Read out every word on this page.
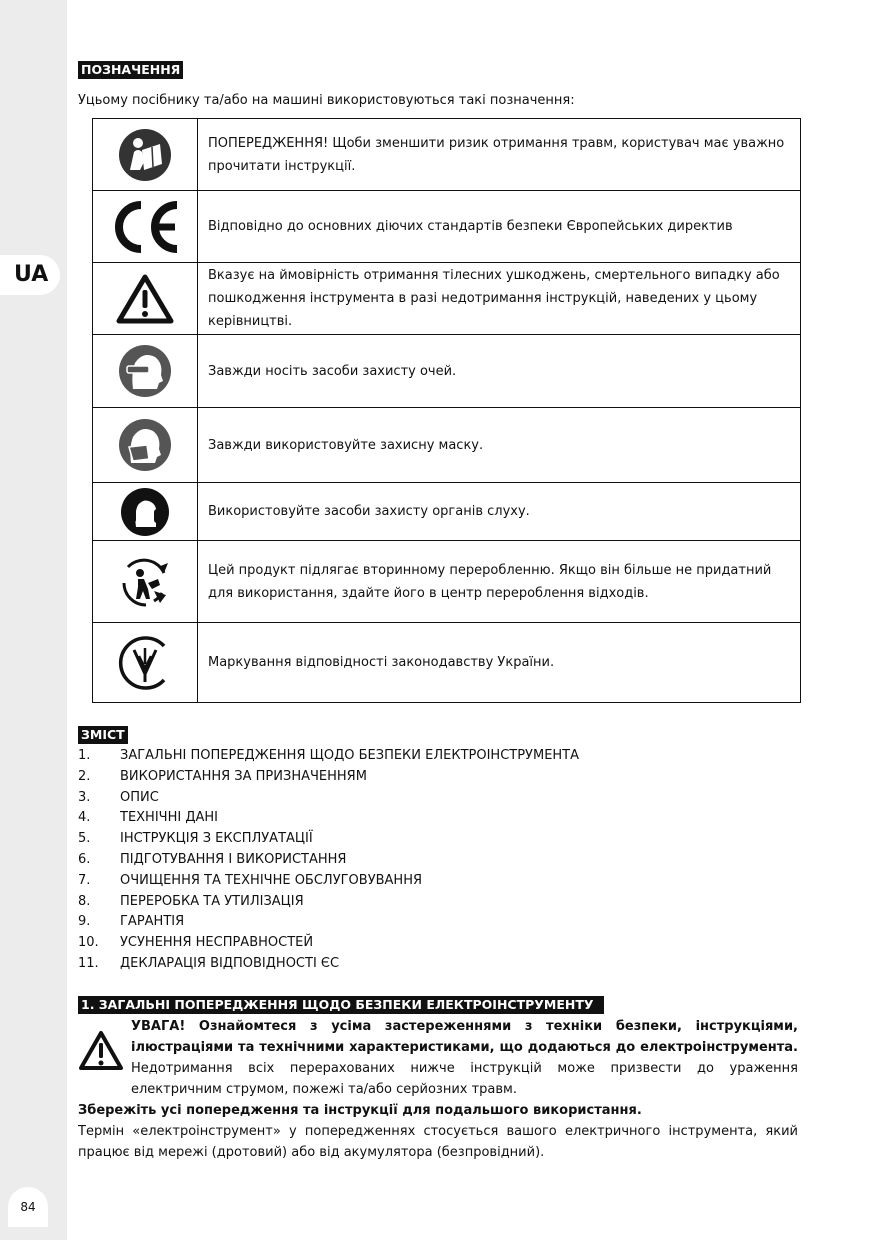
UA
84
ПОЗНАЧЕННЯ
Уцьому посібнику та/або на машині використовуються такі позначення:
	ПОПЕРЕДЖЕННЯ! Щоби зменшити ризик отримання травм, користувач має уважно прочитати інструкції.

	Відповідно до основних діючих стандартів безпеки Європейських директив

	Вказує на ймовірність отримання тілесних ушкоджень, смертельного випадку або пошкодження інструмента в разі недотримання інструкцій, наведених у цьому керівництві.

	Завжди носіть засоби захисту очей.

	Завжди використовуйте захисну маску.

	Використовуйте засоби захисту органів слуху.

	Цей продукт підлягає вторинному переробленню. Якщо він більше не придатний для використання, здайте його в центр перероблення відходів.

	Маркування відповідності законодавству України.
ЗМІСТ
1. ЗАГАЛЬНІ ПОПЕРЕДЖЕННЯ ЩОДО БЕЗПЕКИ ЕЛЕКТРОІНСТРУМЕНТА
2. ВИКОРИСТАННЯ ЗА ПРИЗНАЧЕННЯМ
3. ОПИС
4. ТЕХНІЧНІ ДАНІ
5. ІНСТРУКЦІЯ З ЕКСПЛУАТАЦІЇ
6. ПІДГОТУВАННЯ І ВИКОРИСТАННЯ
7. ОЧИЩЕННЯ ТА ТЕХНІЧНЕ ОБСЛУГОВУВАННЯ
8. ПЕРЕРОБКА ТА УТИЛІЗАЦІЯ
9. ГАРАНТІЯ
10. УСУНЕННЯ НЕСПРАВНОСТЕЙ
11. ДЕКЛАРАЦІЯ ВІДПОВІДНОСТІ ЄС
1. ЗАГАЛЬНІ ПОПЕРЕДЖЕННЯ ЩОДО БЕЗПЕКИ ЕЛЕКТРОІНСТРУМЕНТУ
УВАГА! Ознайомтеся з усіма застереженнями з техніки безпеки, інструкціями, ілюстраціями та технічними характеристиками, що додаються до електроінструмента. Недотримання всіх перерахованих нижче інструкцій може призвести до ураження електричним струмом, пожежі та/або серйозних травм.
Збережіть усі попередження та інструкції для подальшого використання.
Термін «електроінструмент» у попередженнях стосується вашого електричного інструмента, який працює від мережі (дротовий) або від акумулятора (безпровідний).
